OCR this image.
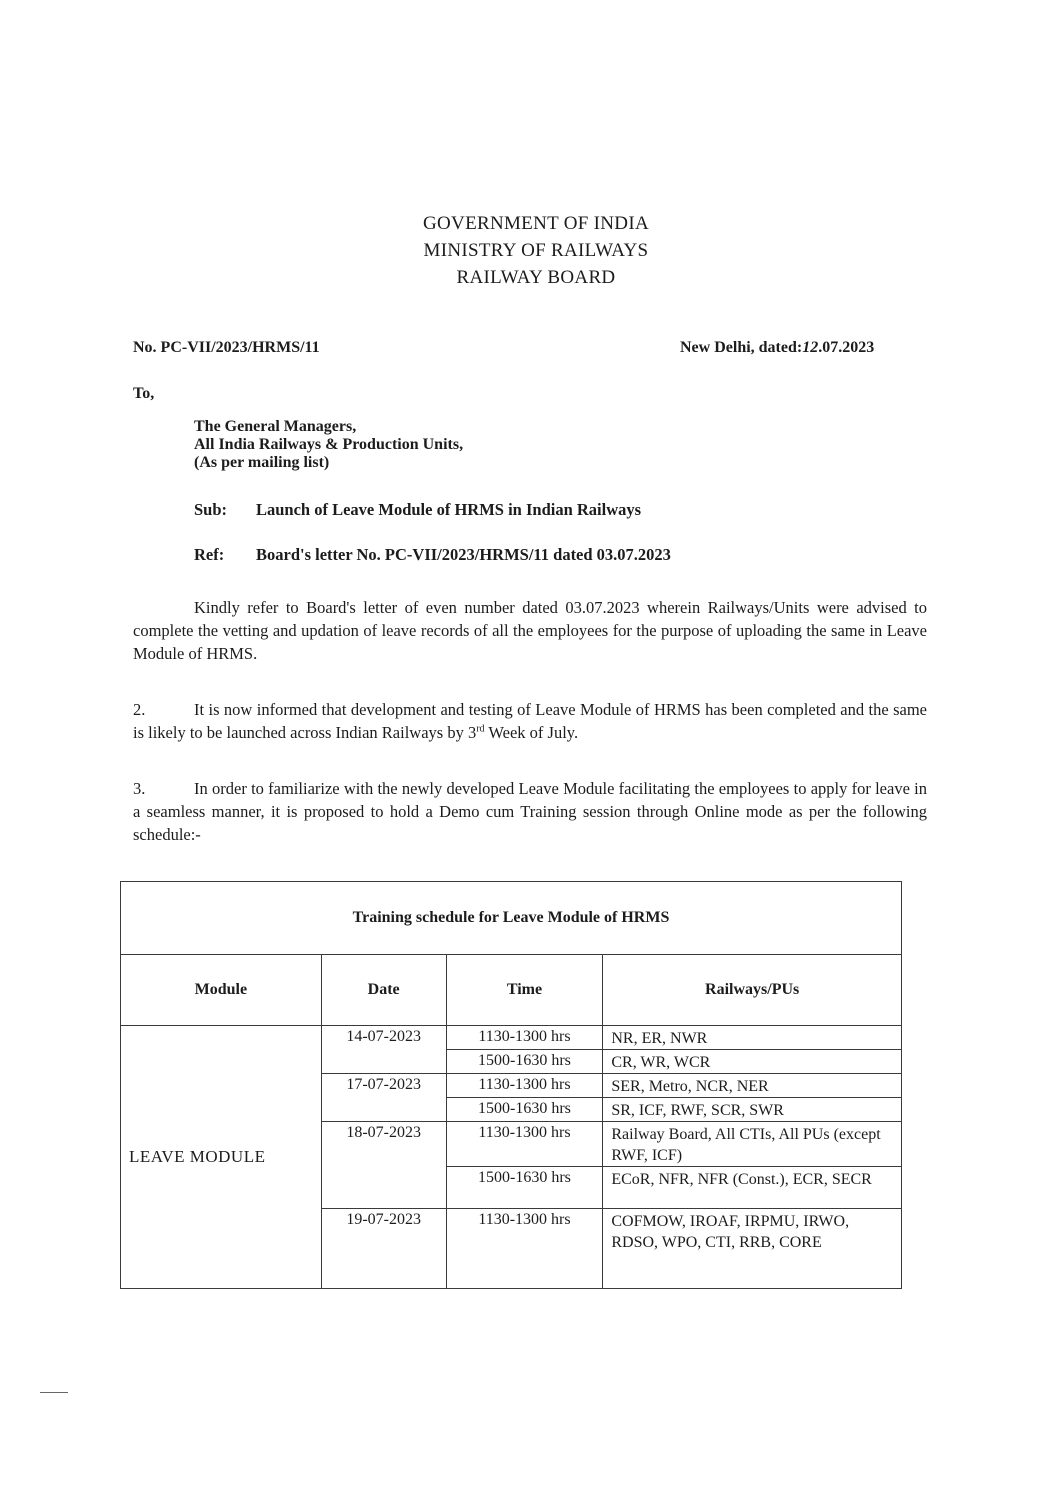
GOVERNMENT OF INDIA
MINISTRY OF RAILWAYS
RAILWAY BOARD
No. PC-VII/2023/HRMS/11	New Delhi, dated:12.07.2023
To,
The General Managers,
All India Railways & Production Units,
(As per mailing list)
Sub: Launch of Leave Module of HRMS in Indian Railways
Ref: Board's letter No. PC-VII/2023/HRMS/11 dated 03.07.2023
Kindly refer to Board's letter of even number dated 03.07.2023 wherein Railways/Units were advised to complete the vetting and updation of leave records of all the employees for the purpose of uploading the same in Leave Module of HRMS.
2.	It is now informed that development and testing of Leave Module of HRMS has been completed and the same is likely to be launched across Indian Railways by 3rd Week of July.
3.	In order to familiarize with the newly developed Leave Module facilitating the employees to apply for leave in a seamless manner, it is proposed to hold a Demo cum Training session through Online mode as per the following schedule:-
Training schedule for Leave Module of HRMS			
Module	Date	Time	Railways/PUs
LEAVE MODULE	14-07-2023	1130-1300 hrs	NR, ER, NWR
		1500-1630 hrs	CR, WR, WCR
	17-07-2023	1130-1300 hrs	SER, Metro, NCR, NER
		1500-1630 hrs	SR, ICF, RWF, SCR, SWR
	18-07-2023	1130-1300 hrs	Railway Board, All CTIs, All PUs (except RWF, ICF)
		1500-1630 hrs	ECoR, NFR, NFR (Const.), ECR, SECR
	19-07-2023	1130-1300 hrs	COFMOW, IROAF, IRPMU, IRWO, RDSO, WPO, CTI, RRB, CORE
